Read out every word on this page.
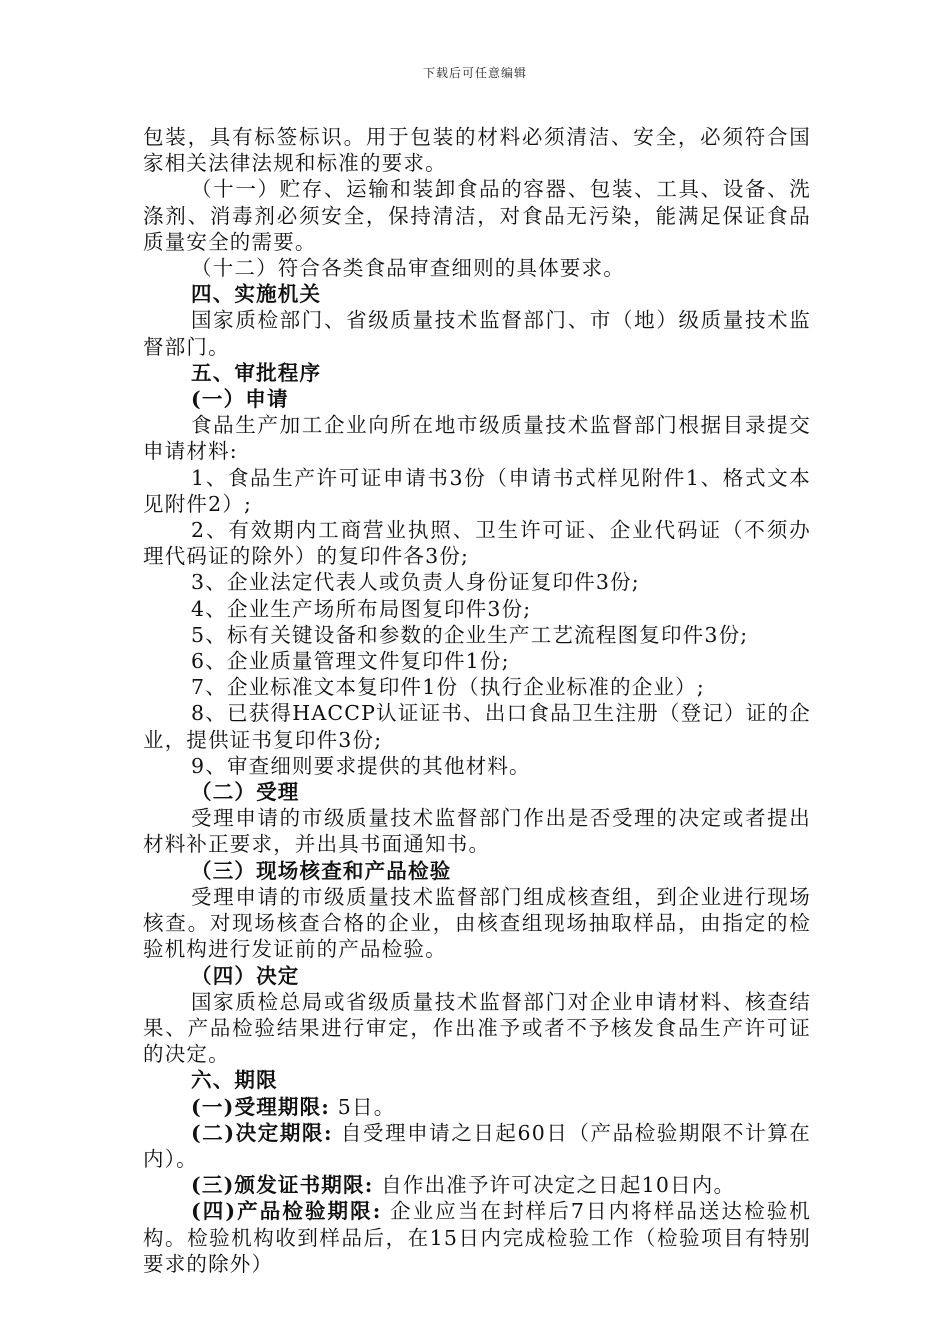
下载后可任意编辑

包装，具有标签标识。用于包装的材料必须清洁、安全，必须符合国家相关法律法规和标准的要求。

（十一）贮存、运输和装卸食品的容器、包装、工具、设备、洗涤剂、消毒剂必须安全，保持清洁，对食品无污染，能满足保证食品质量安全的需要。

（十二）符合各类食品审查细则的具体要求。

四、实施机关

国家质检部门、省级质量技术监督部门、市（地）级质量技术监督部门。

五、审批程序

(一）申请

食品生产加工企业向所在地市级质量技术监督部门根据目录提交申请材料:

1、食品生产许可证申请书3份（申请书式样见附件1、格式文本见附件2）;

2、有效期内工商营业执照、卫生许可证、企业代码证（不须办理代码证的除外）的复印件各3份;

3、企业法定代表人或负责人身份证复印件3份;

4、企业生产场所布局图复印件3份;

5、标有关键设备和参数的企业生产工艺流程图复印件3份;

6、企业质量管理文件复印件1份;

7、企业标准文本复印件1份（执行企业标准的企业）;

8、已获得HACCP认证证书、出口食品卫生注册（登记）证的企业，提供证书复印件3份;

9、审查细则要求提供的其他材料。

（二）受理

受理申请的市级质量技术监督部门作出是否受理的决定或者提出材料补正要求，并出具书面通知书。

（三）现场核查和产品检验

受理申请的市级质量技术监督部门组成核查组，到企业进行现场核查。对现场核查合格的企业，由核查组现场抽取样品，由指定的检验机构进行发证前的产品检验。

（四）决定

国家质检总局或省级质量技术监督部门对企业申请材料、核查结果、产品检验结果进行审定，作出准予或者不予核发食品生产许可证的决定。

六、期限

(一)受理期限: 5日。

(二)决定期限: 自受理申请之日起60日（产品检验期限不计算在内）。

(三)颁发证书期限: 自作出准予许可决定之日起10日内。

(四)产品检验期限: 企业应当在封样后7日内将样品送达检验机构。检验机构收到样品后，在15日内完成检验工作（检验项目有特别要求的除外）
